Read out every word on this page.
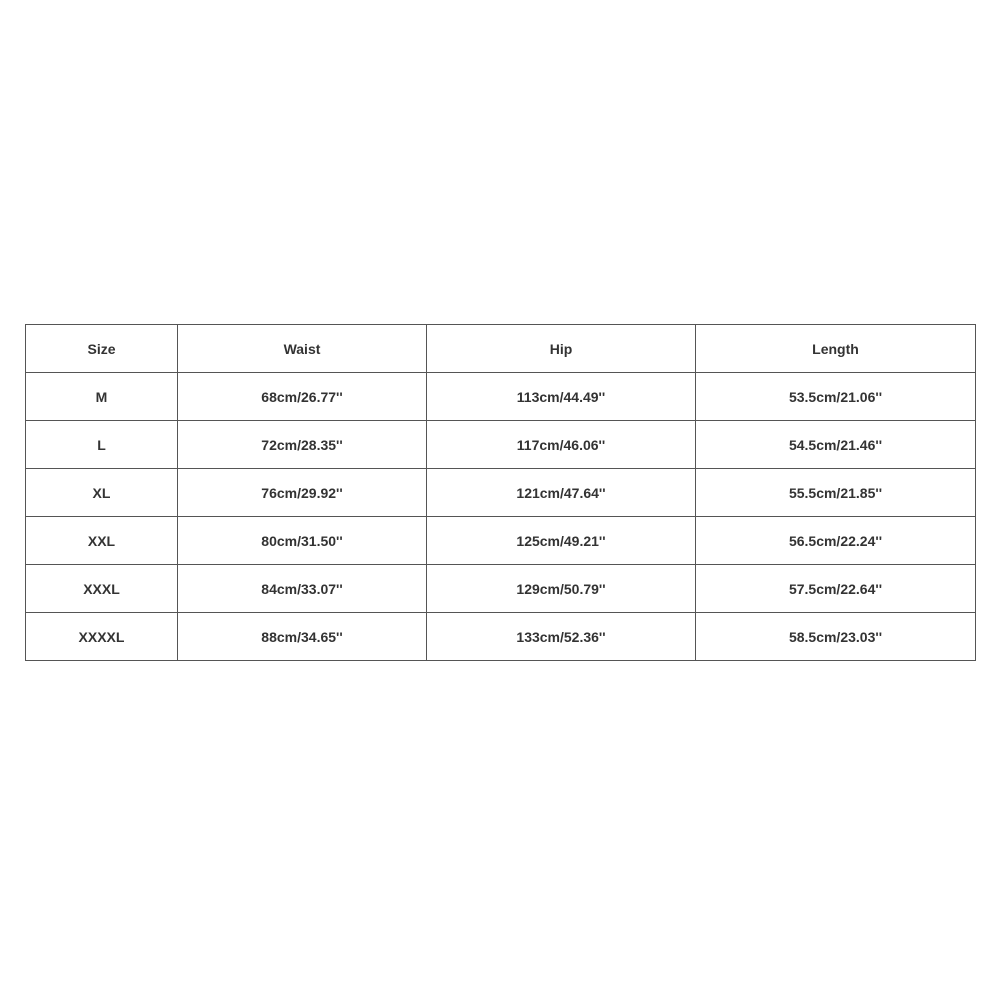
Size	Waist	Hip	Length
M	68cm/26.77''	113cm/44.49''	53.5cm/21.06''
L	72cm/28.35''	117cm/46.06''	54.5cm/21.46''
XL	76cm/29.92''	121cm/47.64''	55.5cm/21.85''
XXL	80cm/31.50''	125cm/49.21''	56.5cm/22.24''
XXXL	84cm/33.07''	129cm/50.79''	57.5cm/22.64''
XXXXL	88cm/34.65''	133cm/52.36''	58.5cm/23.03''
